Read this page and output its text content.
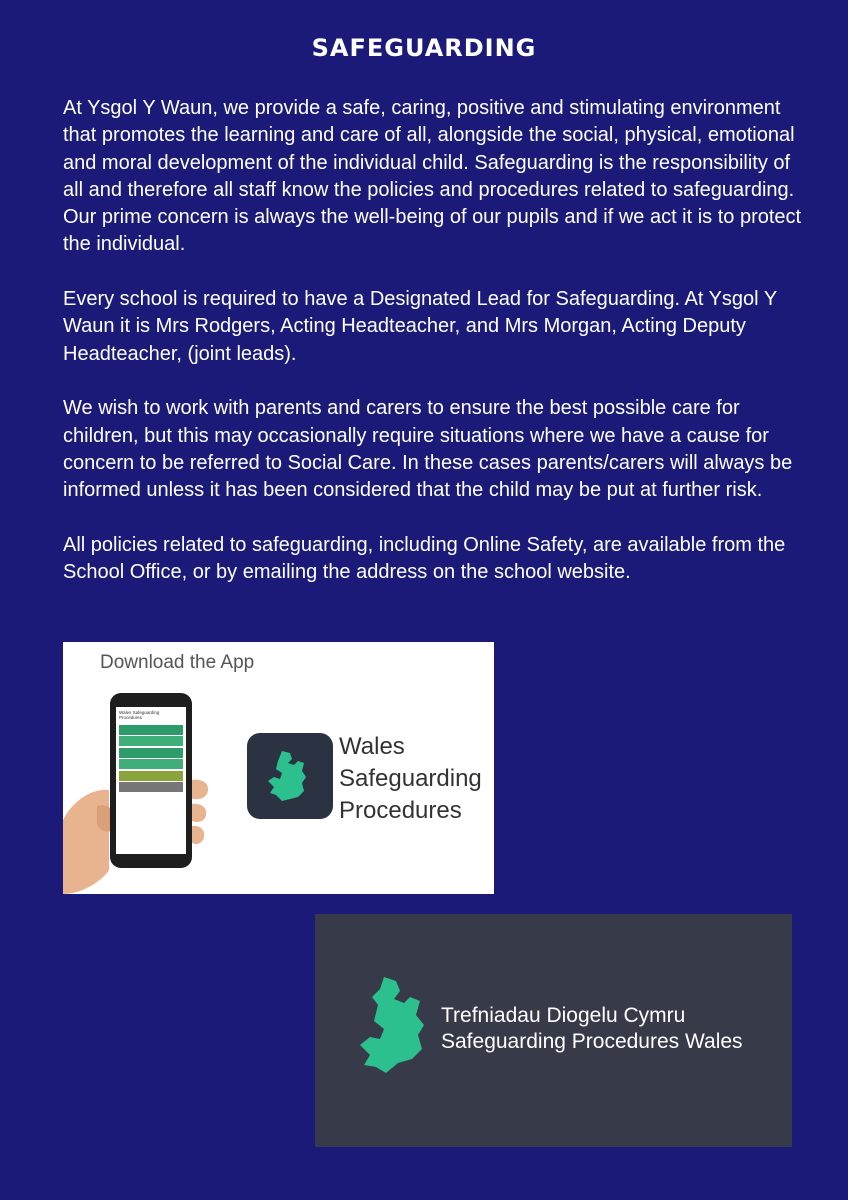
SAFEGUARDING

At Ysgol Y Waun, we provide a safe, caring, positive and stimulating environment that promotes the learning and care of all, alongside the social, physical, emotional and moral development of the individual child. Safeguarding is the responsibility of all and therefore all staff know the policies and procedures related to safeguarding. Our prime concern is always the well-being of our pupils and if we act it is to protect the individual.

Every school is required to have a Designated Lead for Safeguarding. At Ysgol Y Waun it is Mrs Rodgers, Acting Headteacher, and Mrs Morgan, Acting Deputy Headteacher, (joint leads).

We wish to work with parents and carers to ensure the best possible care for children, but this may occasionally require situations where we have a cause for concern to be referred to Social Care. In these cases parents/carers will always be informed unless it has been considered that the child may be put at further risk.

All policies related to safeguarding, including Online Safety, are available from the School Office, or by emailing the address on the school website.

Download the App
Wales Safeguarding Procedures
Wales
Safeguarding
Procedures
Trefniadau Diogelu Cymru
Safeguarding Procedures Wales
